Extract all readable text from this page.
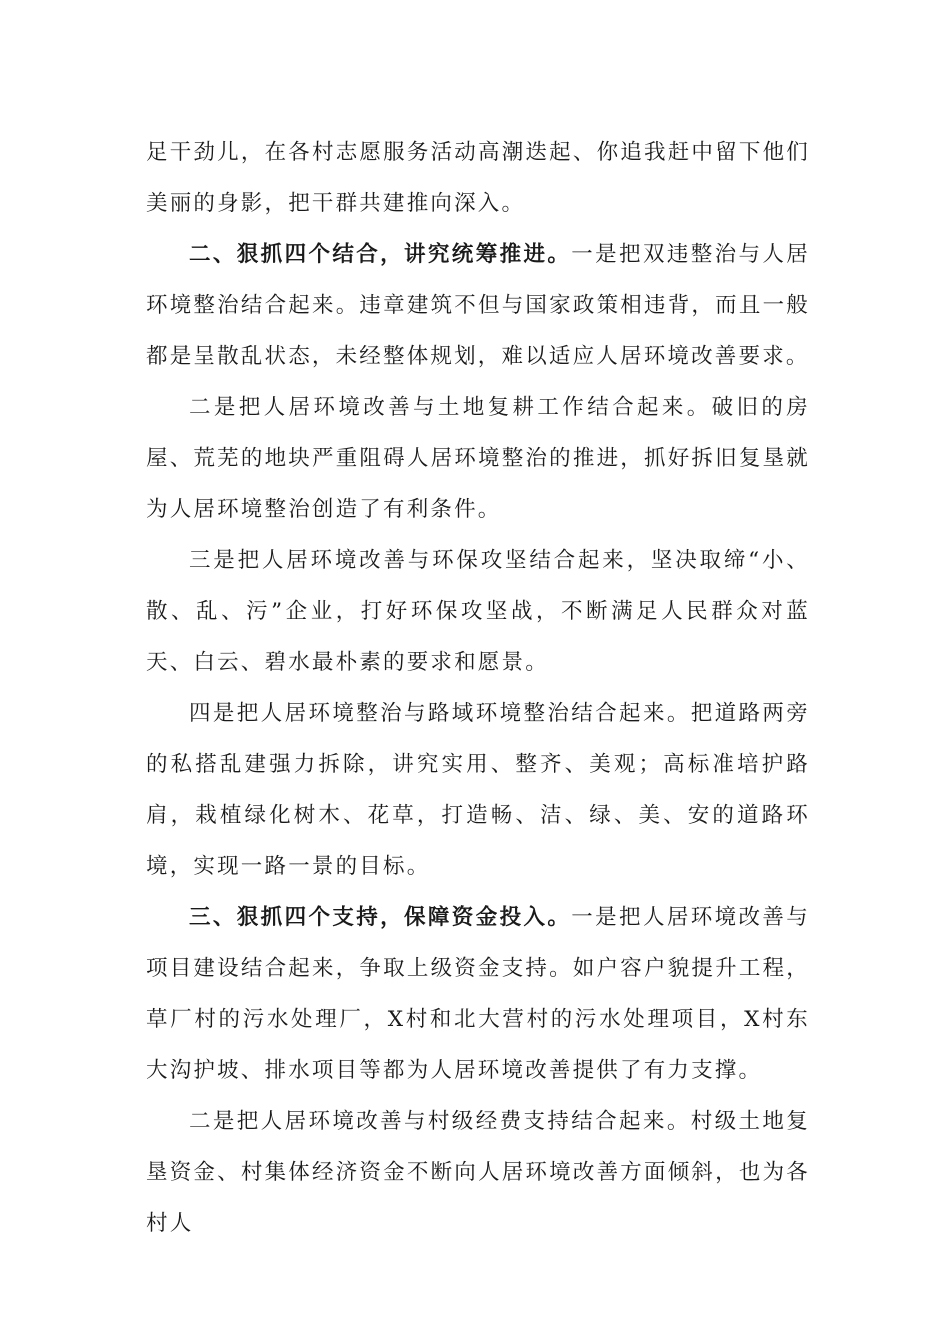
足干劲儿，在各村志愿服务活动高潮迭起、你追我赶中留下他们美丽的身影，把干群共建推向深入。

二、狠抓四个结合，讲究统筹推进。一是把双违整治与人居环境整治结合起来。违章建筑不但与国家政策相违背，而且一般都是呈散乱状态，未经整体规划，难以适应人居环境改善要求。

二是把人居环境改善与土地复耕工作结合起来。破旧的房屋、荒芜的地块严重阻碍人居环境整治的推进，抓好拆旧复垦就为人居环境整治创造了有利条件。

三是把人居环境改善与环保攻坚结合起来，坚决取缔“小、散、乱、污”企业，打好环保攻坚战，不断满足人民群众对蓝天、白云、碧水最朴素的要求和愿景。

四是把人居环境整治与路域环境整治结合起来。把道路两旁的私搭乱建强力拆除，讲究实用、整齐、美观；高标准培护路肩，栽植绿化树木、花草，打造畅、洁、绿、美、安的道路环境，实现一路一景的目标。

三、狠抓四个支持，保障资金投入。一是把人居环境改善与项目建设结合起来，争取上级资金支持。如户容户貌提升工程，草厂村的污水处理厂，X村和北大营村的污水处理项目，X村东大沟护坡、排水项目等都为人居环境改善提供了有力支撑。

二是把人居环境改善与村级经费支持结合起来。村级土地复垦资金、村集体经济资金不断向人居环境改善方面倾斜，也为各村人
